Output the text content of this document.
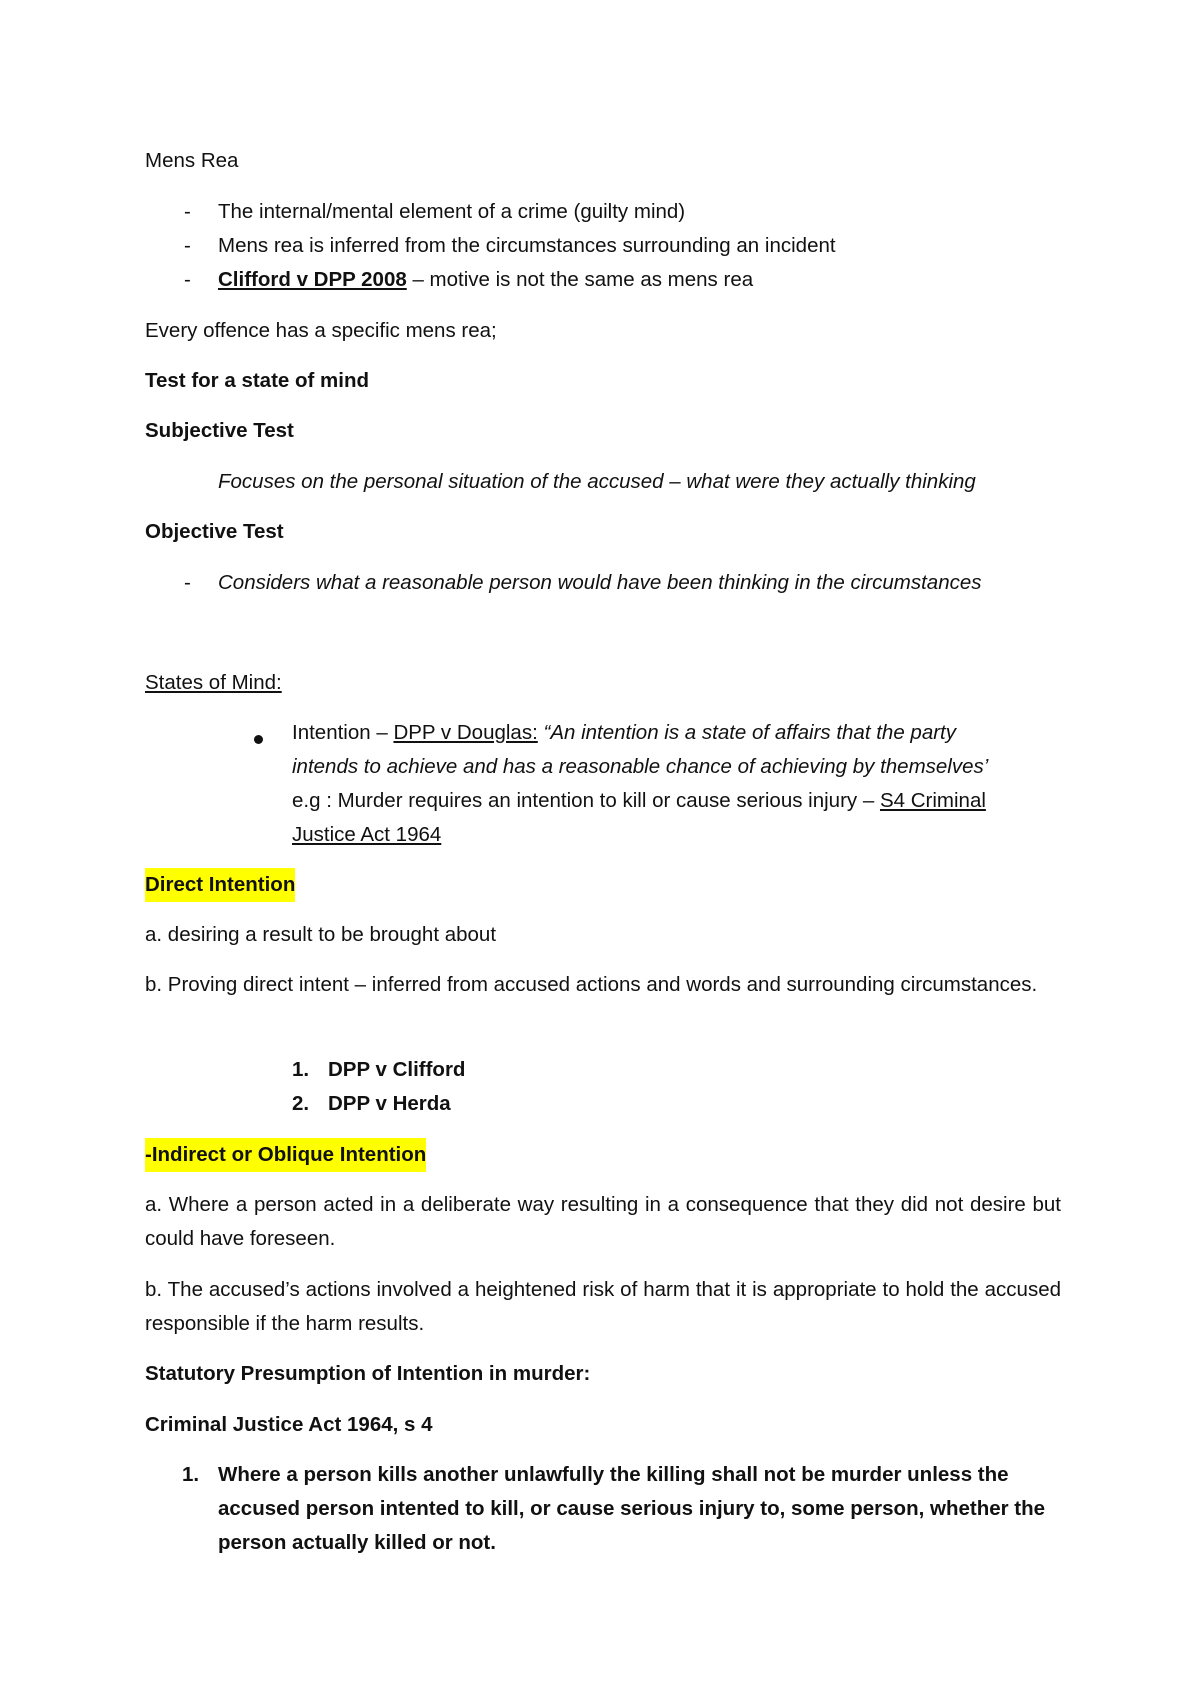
Mens Rea
- The internal/mental element of a crime (guilty mind)
- Mens rea is inferred from the circumstances surrounding an incident
- Clifford v DPP 2008 – motive is not the same as mens rea
Every offence has a specific mens rea;
Test for a state of mind
Subjective Test
Focuses on the personal situation of the accused – what were they actually thinking
Objective Test
- Considers what a reasonable person would have been thinking in the circumstances
States of Mind:
Intention – DPP v Douglas: “An intention is a state of affairs that the party
intends to achieve and has a reasonable chance of achieving by themselves’
e.g : Murder requires an intention to kill or cause serious injury – S4 Criminal
Justice Act 1964
Direct Intention
a. desiring a result to be brought about
b. Proving direct intent – inferred from accused actions and words and surrounding circumstances.
1. DPP v Clifford
2. DPP v Herda
-Indirect or Oblique Intention
a. Where a person acted in a deliberate way resulting in a consequence that they did not desire but could have foreseen.
b. The accused’s actions involved a heightened risk of harm that it is appropriate to hold the accused responsible if the harm results.
Statutory Presumption of Intention in murder:
Criminal Justice Act 1964, s 4
1. Where a person kills another unlawfully the killing shall not be murder unless the accused person intented to kill, or cause serious injury to, some person, whether the person actually killed or not.
